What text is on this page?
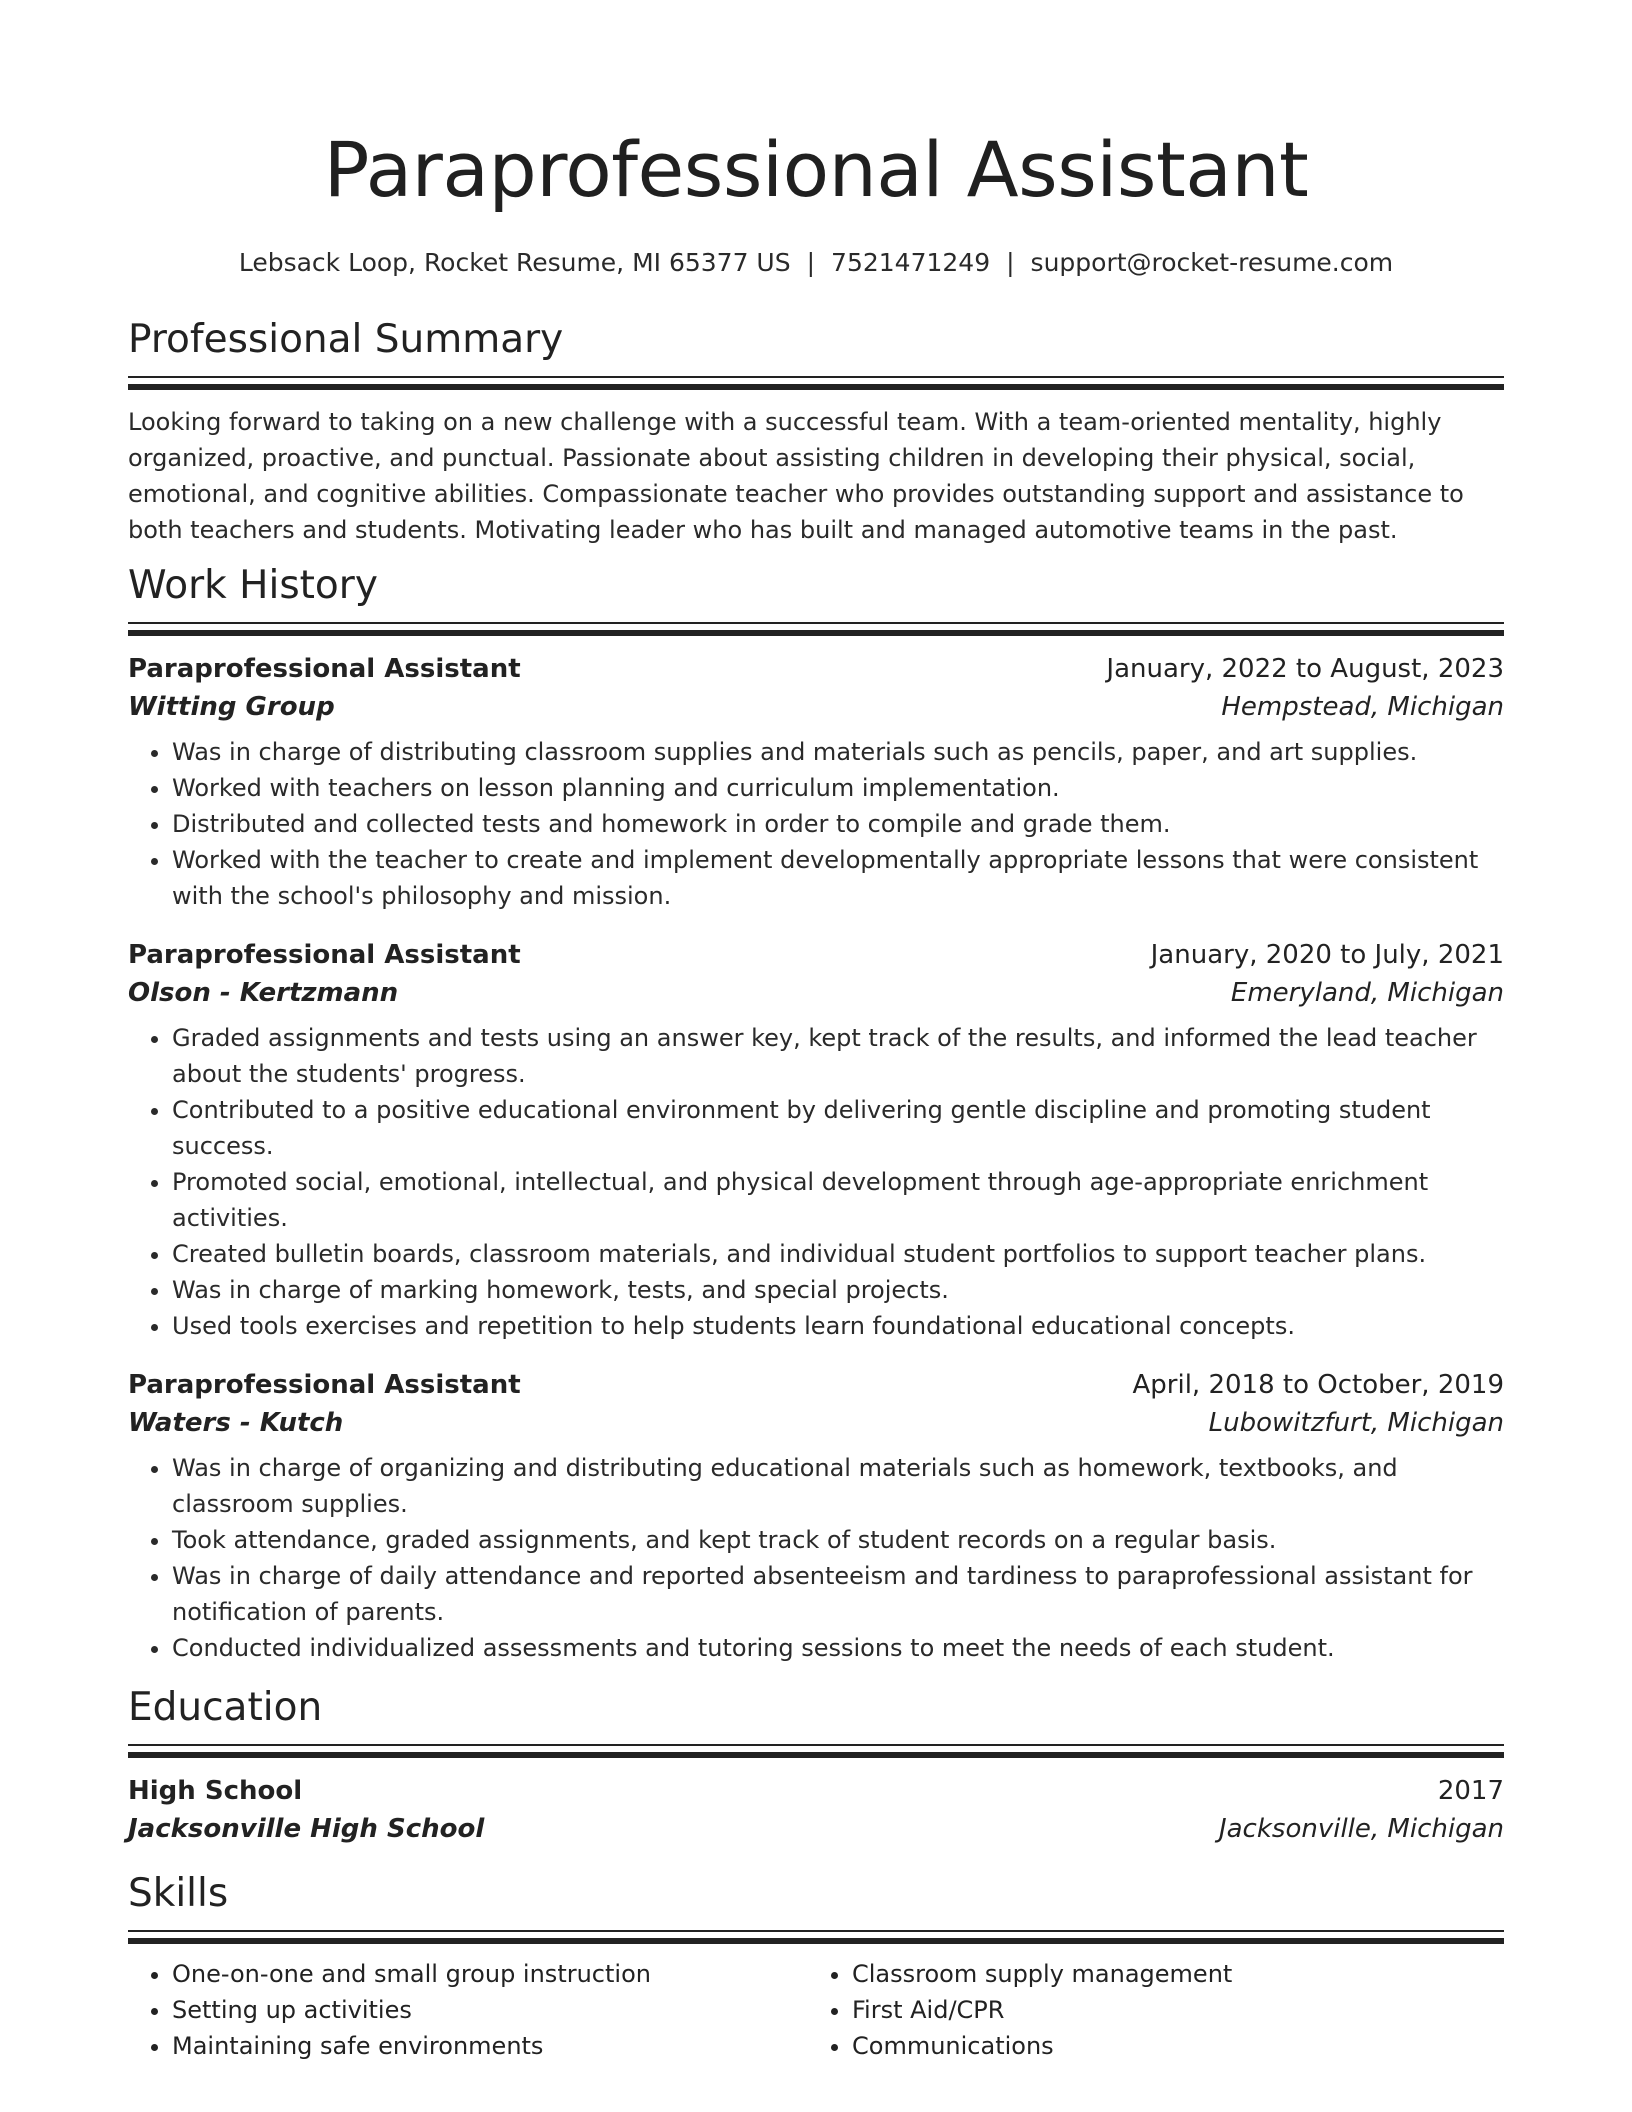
Paraprofessional Assistant
Lebsack Loop, Rocket Resume, MI 65377 US | 7521471249 | support@rocket-resume.com
Professional Summary

Looking forward to taking on a new challenge with a successful team. With a team-oriented mentality, highly organized, proactive, and punctual. Passionate about assisting children in developing their physical, social, emotional, and cognitive abilities. Compassionate teacher who provides outstanding support and assistance to both teachers and students. Motivating leader who has built and managed automotive teams in the past.

Work History
Paraprofessional Assistant	January, 2022 to August, 2023
Witting Group	Hempstead, Michigan
• Was in charge of distributing classroom supplies and materials such as pencils, paper, and art supplies.
• Worked with teachers on lesson planning and curriculum implementation.
• Distributed and collected tests and homework in order to compile and grade them.
• Worked with the teacher to create and implement developmentally appropriate lessons that were consistent with the school's philosophy and mission.
Paraprofessional Assistant	January, 2020 to July, 2021
Olson - Kertzmann	Emeryland, Michigan
• Graded assignments and tests using an answer key, kept track of the results, and informed the lead teacher about the students' progress.
• Contributed to a positive educational environment by delivering gentle discipline and promoting student success.
• Promoted social, emotional, intellectual, and physical development through age-appropriate enrichment activities.
• Created bulletin boards, classroom materials, and individual student portfolios to support teacher plans.
• Was in charge of marking homework, tests, and special projects.
• Used tools exercises and repetition to help students learn foundational educational concepts.
Paraprofessional Assistant	April, 2018 to October, 2019
Waters - Kutch	Lubowitzfurt, Michigan
• Was in charge of organizing and distributing educational materials such as homework, textbooks, and classroom supplies.
• Took attendance, graded assignments, and kept track of student records on a regular basis.
• Was in charge of daily attendance and reported absenteeism and tardiness to paraprofessional assistant for notification of parents.
• Conducted individualized assessments and tutoring sessions to meet the needs of each student.
Education
High School	2017
Jacksonville High School	Jacksonville, Michigan
Skills
• One-on-one and small group instruction
• Setting up activities
• Maintaining safe environments
• Classroom supply management
• First Aid/CPR
• Communications
